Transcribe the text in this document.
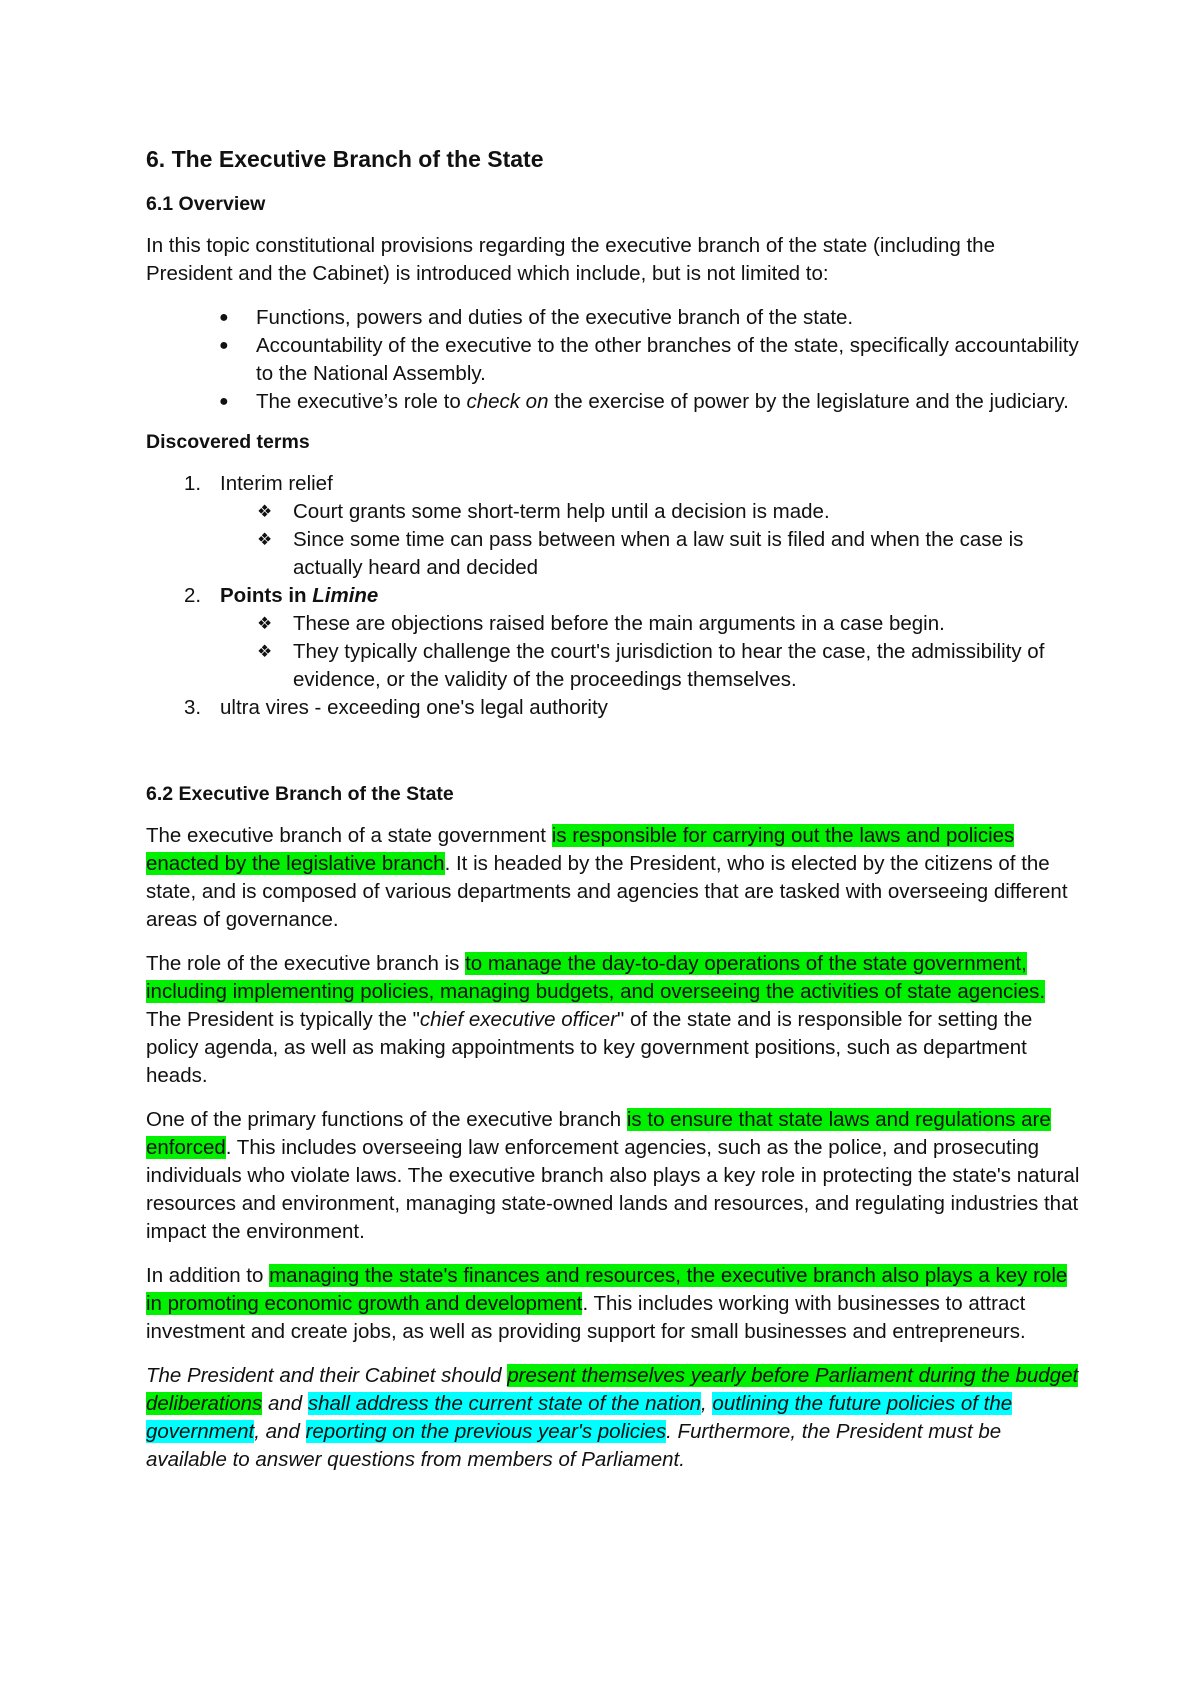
6. The Executive Branch of the State
6.1 Overview

In this topic constitutional provisions regarding the executive branch of the state (including the President and the Cabinet) is introduced which include, but is not limited to:

● Functions, powers and duties of the executive branch of the state.
● Accountability of the executive to the other branches of the state, specifically accountability to the National Assembly.
● The executive’s role to check on the exercise of power by the legislature and the judiciary.
Discovered terms
1. Interim relief
❖ Court grants some short-term help until a decision is made.
❖ Since some time can pass between when a law suit is filed and when the case is actually heard and decided
2. Points in Limine
❖ These are objections raised before the main arguments in a case begin.
❖ They typically challenge the court's jurisdiction to hear the case, the admissibility of evidence, or the validity of the proceedings themselves.
3. ultra vires - exceeding one's legal authority
6.2 Executive Branch of the State

The executive branch of a state government is responsible for carrying out the laws and policies enacted by the legislative branch. It is headed by the President, who is elected by the citizens of the state, and is composed of various departments and agencies that are tasked with overseeing different areas of governance.

The role of the executive branch is to manage the day-to-day operations of the state government, including implementing policies, managing budgets, and overseeing the activities of state agencies. The President is typically the "chief executive officer" of the state and is responsible for setting the policy agenda, as well as making appointments to key government positions, such as department heads.

One of the primary functions of the executive branch is to ensure that state laws and regulations are enforced. This includes overseeing law enforcement agencies, such as the police, and prosecuting individuals who violate laws. The executive branch also plays a key role in protecting the state's natural resources and environment, managing state-owned lands and resources, and regulating industries that impact the environment.

In addition to managing the state's finances and resources, the executive branch also plays a key role in promoting economic growth and development. This includes working with businesses to attract investment and create jobs, as well as providing support for small businesses and entrepreneurs.

The President and their Cabinet should present themselves yearly before Parliament during the budget deliberations and shall address the current state of the nation, outlining the future policies of the government, and reporting on the previous year's policies. Furthermore, the President must be available to answer questions from members of Parliament.
